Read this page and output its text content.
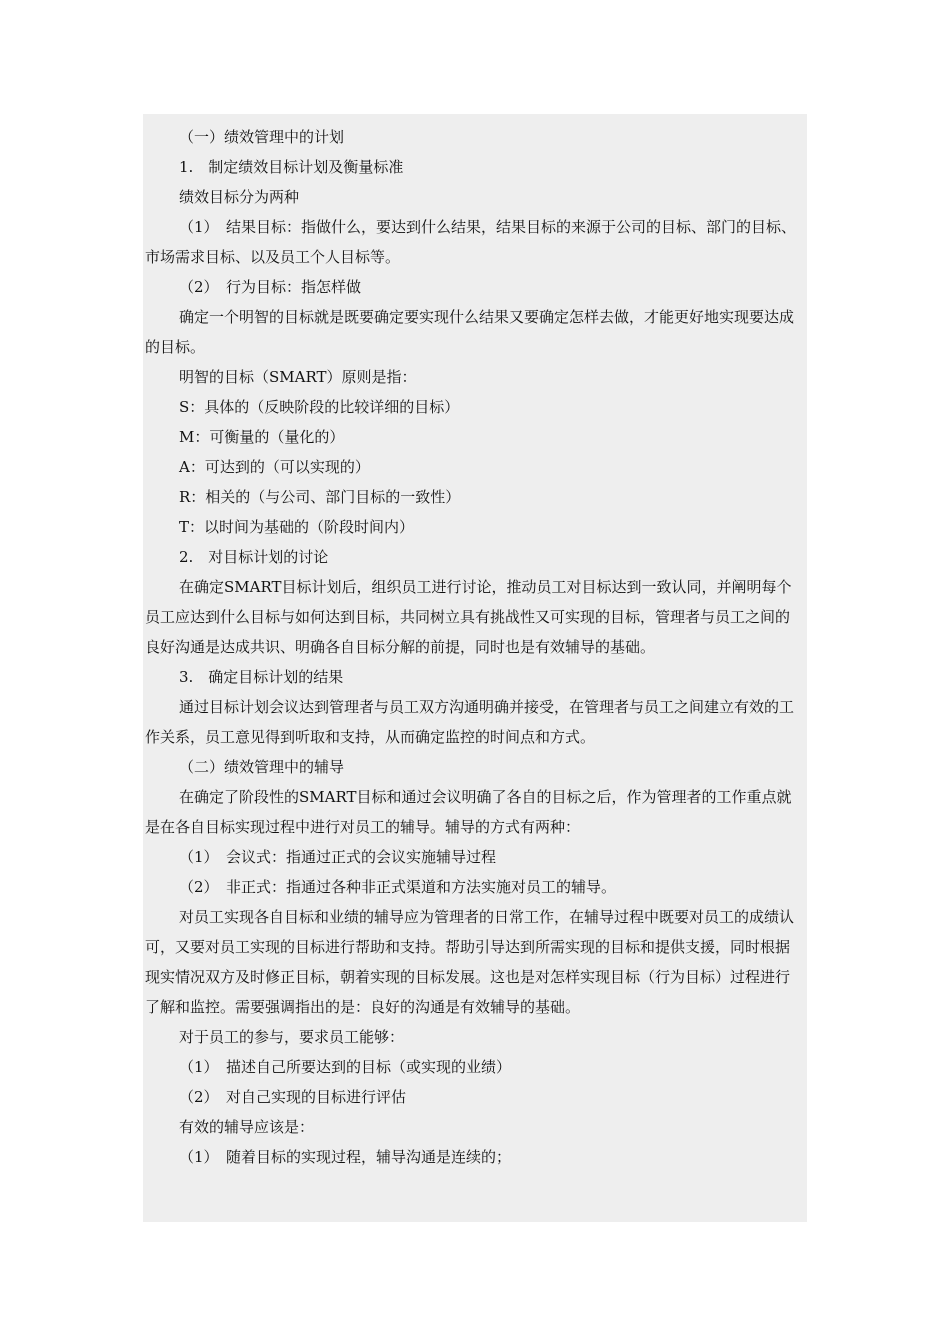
（一）绩效管理中的计划

1.　制定绩效目标计划及衡量标准

绩效目标分为两种

（1）　结果目标：指做什么，要达到什么结果，结果目标的来源于公司的目标、部门的目标、市场需求目标、以及员工个人目标等。

（2）　行为目标：指怎样做

确定一个明智的目标就是既要确定要实现什么结果又要确定怎样去做，才能更好地实现要达成的目标。

明智的目标（SMART）原则是指：

S：具体的（反映阶段的比较详细的目标）

M：可衡量的（量化的）

A：可达到的（可以实现的）

R：相关的（与公司、部门目标的一致性）

T：以时间为基础的（阶段时间内）

2.　对目标计划的讨论

在确定SMART目标计划后，组织员工进行讨论，推动员工对目标达到一致认同，并阐明每个员工应达到什么目标与如何达到目标，共同树立具有挑战性又可实现的目标，管理者与员工之间的良好沟通是达成共识、明确各自目标分解的前提，同时也是有效辅导的基础。

3.　确定目标计划的结果

通过目标计划会议达到管理者与员工双方沟通明确并接受，在管理者与员工之间建立有效的工作关系，员工意见得到听取和支持，从而确定监控的时间点和方式。

（二）绩效管理中的辅导

在确定了阶段性的SMART目标和通过会议明确了各自的目标之后，作为管理者的工作重点就是在各自目标实现过程中进行对员工的辅导。辅导的方式有两种：

（1）　会议式：指通过正式的会议实施辅导过程

（2）　非正式：指通过各种非正式渠道和方法实施对员工的辅导。

对员工实现各自目标和业绩的辅导应为管理者的日常工作，在辅导过程中既要对员工的成绩认可，又要对员工实现的目标进行帮助和支持。帮助引导达到所需实现的目标和提供支援，同时根据现实情况双方及时修正目标，朝着实现的目标发展。这也是对怎样实现目标（行为目标）过程进行了解和监控。需要强调指出的是：良好的沟通是有效辅导的基础。

对于员工的参与，要求员工能够：

（1）　描述自己所要达到的目标（或实现的业绩）

（2）　对自己实现的目标进行评估

有效的辅导应该是：

（1）　随着目标的实现过程，辅导沟通是连续的；
